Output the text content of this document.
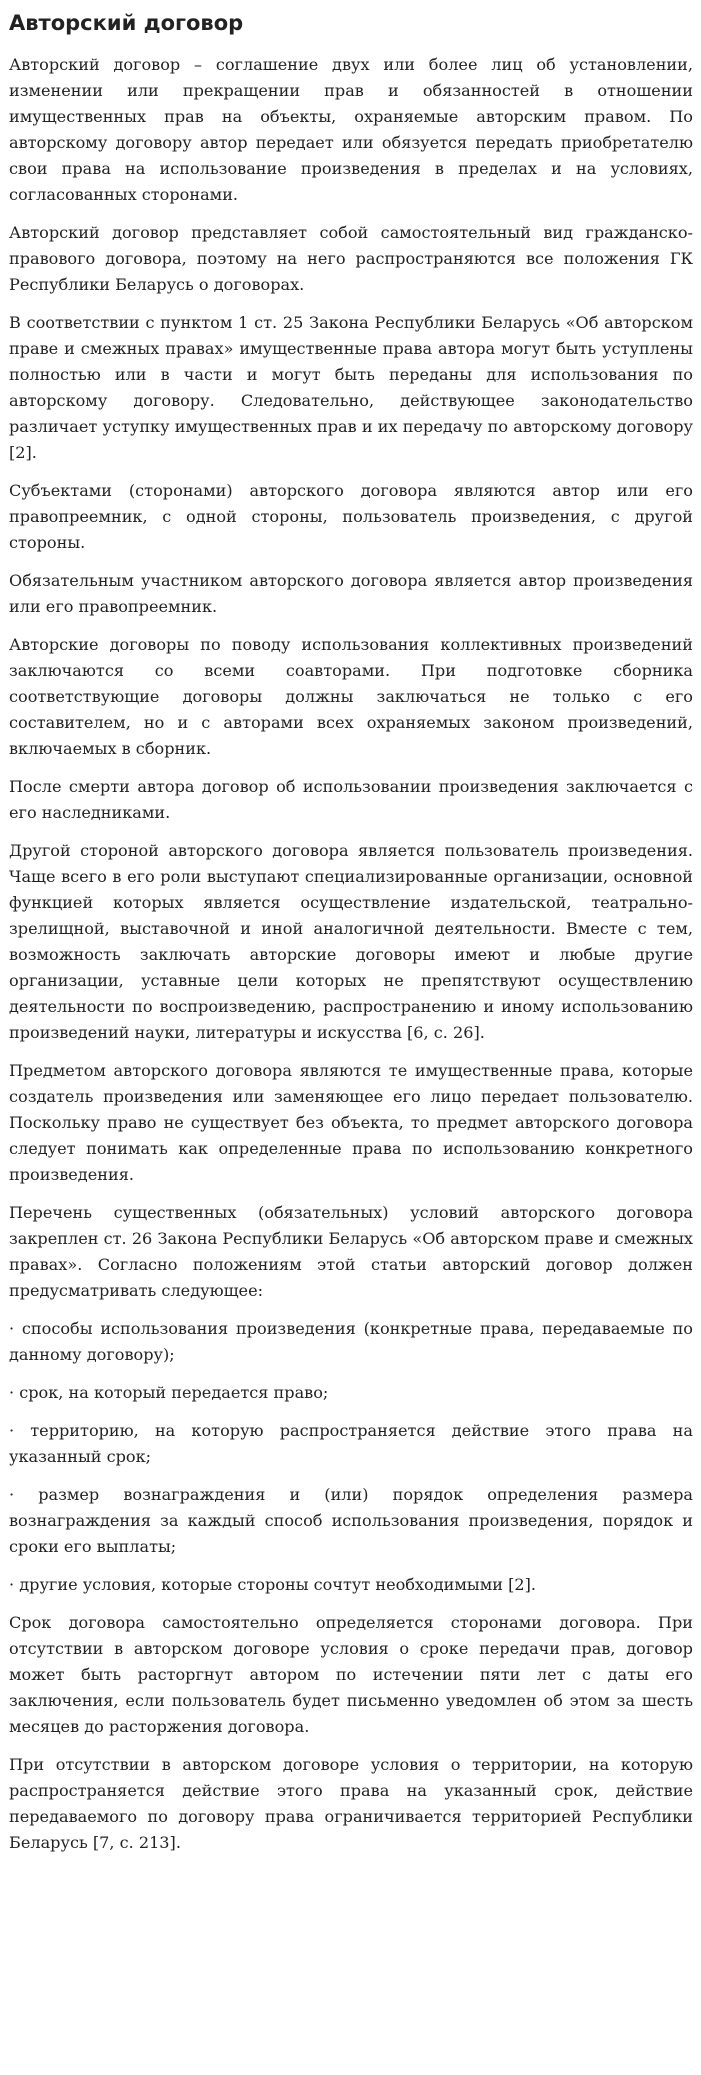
Авторский договор

Авторский договор – соглашение двух или более лиц об установлении, изменении или прекращении прав и обязанностей в отношении имущественных прав на объекты, охраняемые авторским правом. По авторскому договору автор передает или обязуется передать приобретателю свои права на использование произведения в пределах и на условиях, согласованных сторонами.

Авторский договор представляет собой самостоятельный вид гражданско-правового договора, поэтому на него распространяются все положения ГК Республики Беларусь о договорах.

В соответствии с пунктом 1 ст. 25 Закона Республики Беларусь «Об авторском праве и смежных правах» имущественные права автора могут быть уступлены полностью или в части и могут быть переданы для использования по авторскому договору. Следовательно, действующее законодательство различает уступку имущественных прав и их передачу по авторскому договору [2].

Субъектами (сторонами) авторского договора являются автор или его правопреемник, с одной стороны, пользователь произведения, с другой стороны.

Обязательным участником авторского договора является автор произведения или его правопреемник.

Авторские договоры по поводу использования коллективных произведений заключаются со всеми соавторами. При подготовке сборника соответствующие договоры должны заключаться не только с его составителем, но и с авторами всех охраняемых законом произведений, включаемых в сборник.

После смерти автора договор об использовании произведения заключается с его наследниками.

Другой стороной авторского договора является пользователь произведения. Чаще всего в его роли выступают специализированные организации, основной функцией которых является осуществление издательской, театрально-зрелищной, выставочной и иной аналогичной деятельности. Вместе с тем, возможность заключать авторские договоры имеют и любые другие организации, уставные цели которых не препятствуют осуществлению деятельности по воспроизведению, распространению и иному использованию произведений науки, литературы и искусства [6, с. 26].

Предметом авторского договора являются те имущественные права, которые создатель произведения или заменяющее его лицо передает пользователю. Поскольку право не существует без объекта, то предмет авторского договора следует понимать как определенные права по использованию конкретного произведения.

Перечень существенных (обязательных) условий авторского договора закреплен ст. 26 Закона Республики Беларусь «Об авторском праве и смежных правах». Согласно положениям этой статьи авторский договор должен предусматривать следующее:

· способы использования произведения (конкретные права, передаваемые по данному договору);

· срок, на который передается право;

· территорию, на которую распространяется действие этого права на указанный срок;

· размер вознаграждения и (или) порядок определения размера вознаграждения за каждый способ использования произведения, порядок и сроки его выплаты;

· другие условия, которые стороны сочтут необходимыми [2].

Срок договора самостоятельно определяется сторонами договора. При отсутствии в авторском договоре условия о сроке передачи прав, договор может быть расторгнут автором по истечении пяти лет с даты его заключения, если пользователь будет письменно уведомлен об этом за шесть месяцев до расторжения договора.

При отсутствии в авторском договоре условия о территории, на которую распространяется действие этого права на указанный срок, действие передаваемого по договору права ограничивается территорией Республики Беларусь [7, с. 213].
